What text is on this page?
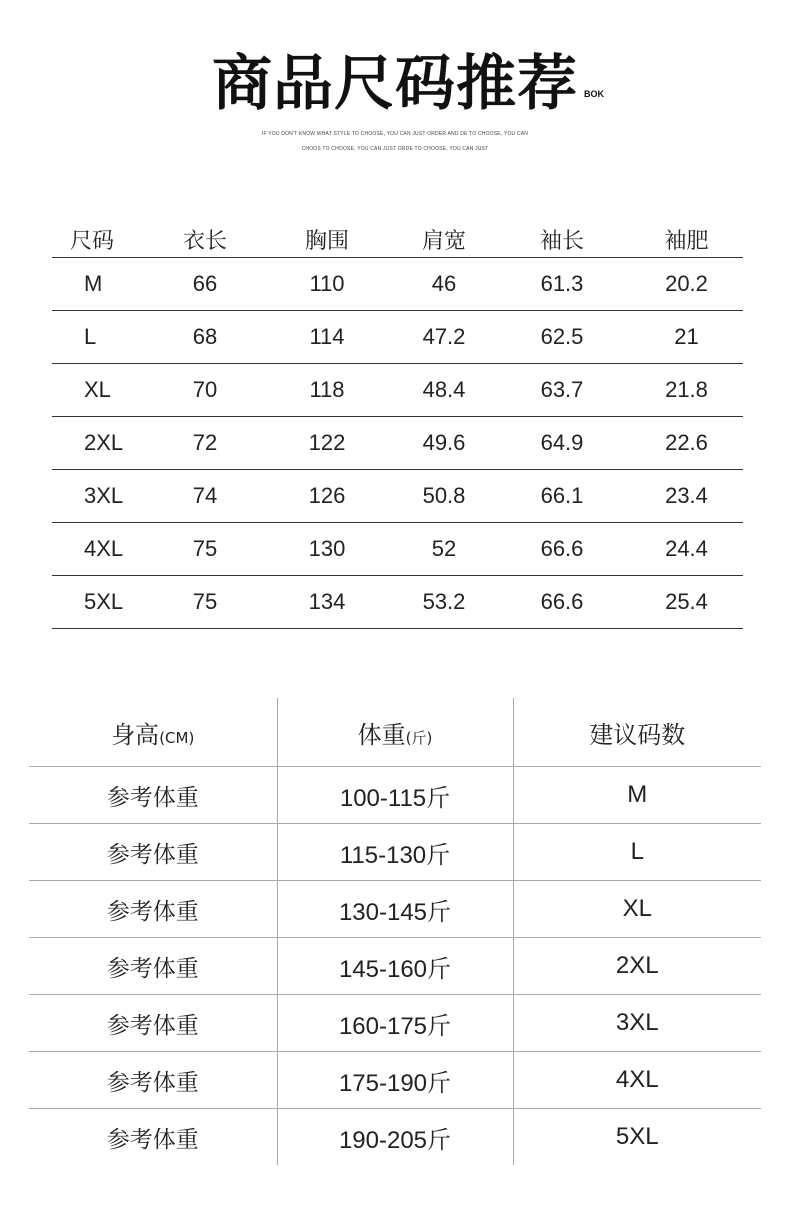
商品尺码推荐 BOK
IF YOU DON'T KNOW WHAT STYLE TO CHOOSE, YOU CAN JUST ORDER AND DE TO CHOOSE, YOU CAN
CHOOS TO CHOOSE, YOU CAN JUST ORDE TO CHOOSE, YOU CAN JUST
尺码	衣长	胸围	肩宽	袖长	袖肥
M	66	110	46	61.3	20.2
L	68	114	47.2	62.5	21
XL	70	118	48.4	63.7	21.8
2XL	72	122	49.6	64.9	22.6
3XL	74	126	50.8	66.1	23.4
4XL	75	130	52	66.6	24.4
5XL	75	134	53.2	66.6	25.4
身高(CM)	体重(斤)	建议码数
参考体重	100-115斤	M
参考体重	115-130斤	L
参考体重	130-145斤	XL
参考体重	145-160斤	2XL
参考体重	160-175斤	3XL
参考体重	175-190斤	4XL
参考体重	190-205斤	5XL
